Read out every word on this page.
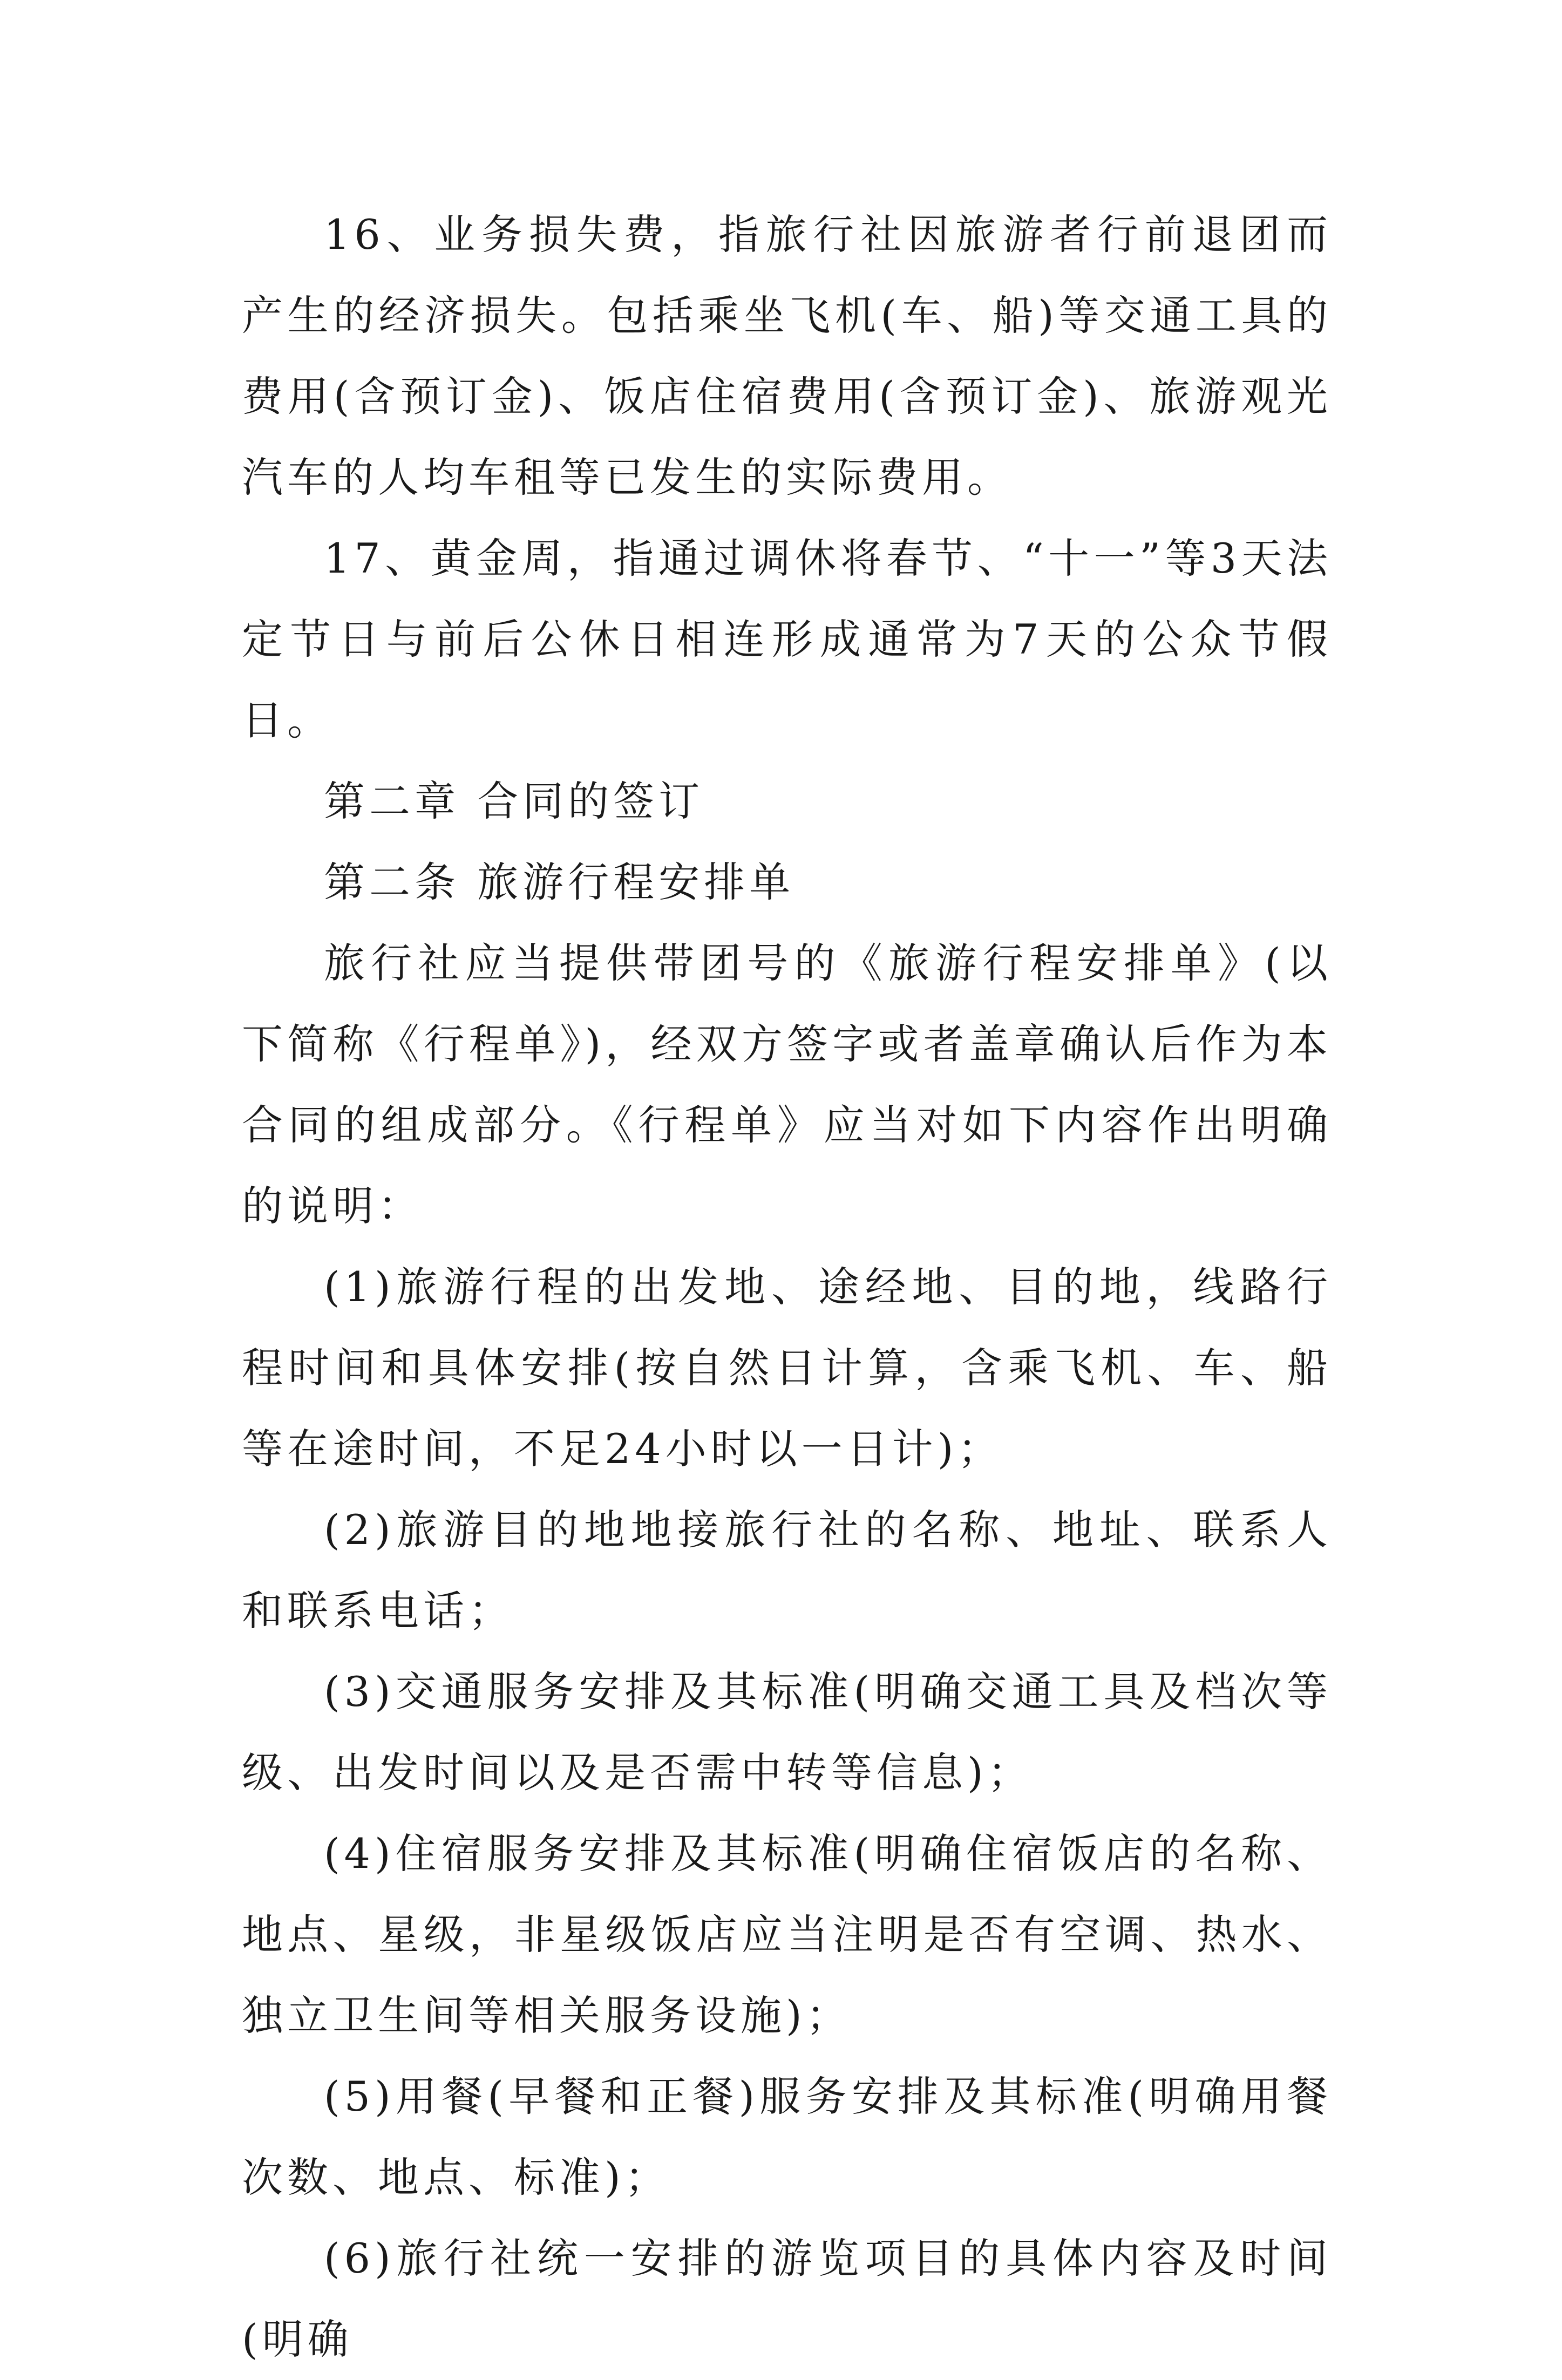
16、业务损失费，指旅行社因旅游者行前退团而产生的经济损失。包括乘坐飞机(车、船)等交通工具的费用(含预订金)、饭店住宿费用(含预订金)、旅游观光汽车的人均车租等已发生的实际费用。

17、黄金周，指通过调休将春节、“十一”等3天法定节日与前后公休日相连形成通常为7天的公众节假日。

第二章 合同的签订

第二条 旅游行程安排单

旅行社应当提供带团号的《旅游行程安排单》(以下简称《行程单》)，经双方签字或者盖章确认后作为本合同的组成部分。《行程单》应当对如下内容作出明确的说明：

(1)旅游行程的出发地、途经地、目的地，线路行程时间和具体安排(按自然日计算，含乘飞机、车、船等在途时间，不足24小时以一日计)；

(2)旅游目的地地接旅行社的名称、地址、联系人和联系电话；

(3)交通服务安排及其标准(明确交通工具及档次等级、出发时间以及是否需中转等信息)；

(4)住宿服务安排及其标准(明确住宿饭店的名称、地点、星级，非星级饭店应当注明是否有空调、热水、独立卫生间等相关服务设施)；

(5)用餐(早餐和正餐)服务安排及其标准(明确用餐次数、地点、标准)；

(6)旅行社统一安排的游览项目的具体内容及时间(明确
